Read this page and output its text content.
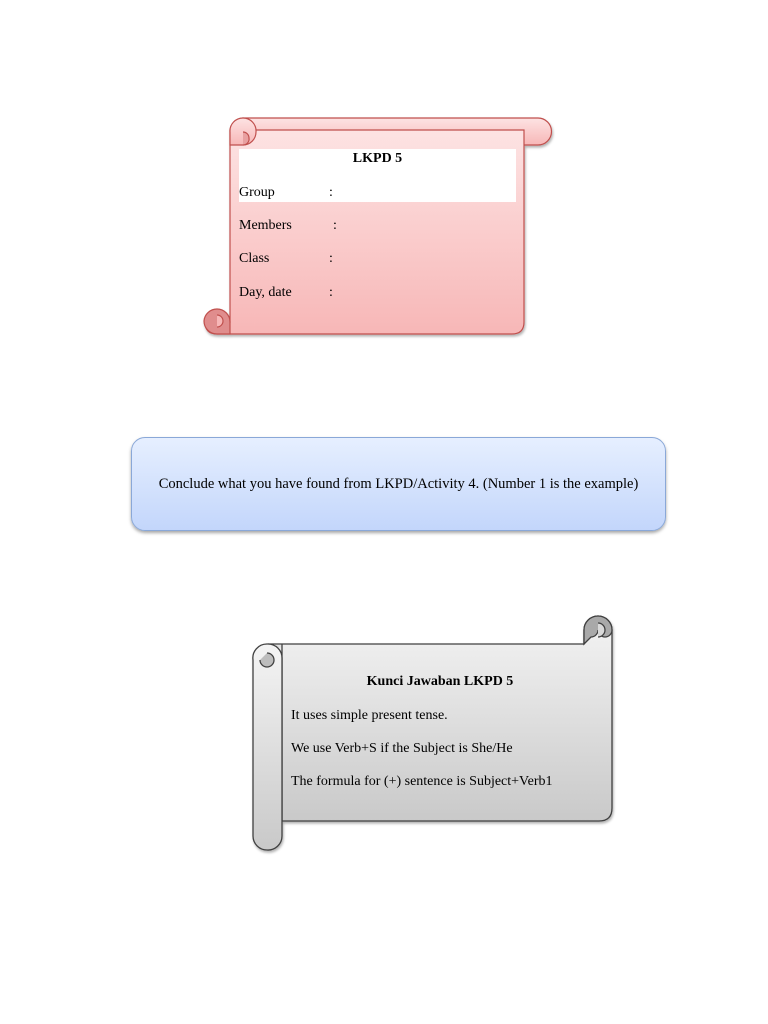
LKPD 5
Group	:
Members	:
Class	:
Day, date	:
Conclude what you have found from LKPD/Activity 4. (Number 1 is the example)
Kunci Jawaban LKPD 5
It uses simple present tense.
We use Verb+S if the Subject is She/He
The formula for (+) sentence is Subject+Verb1
